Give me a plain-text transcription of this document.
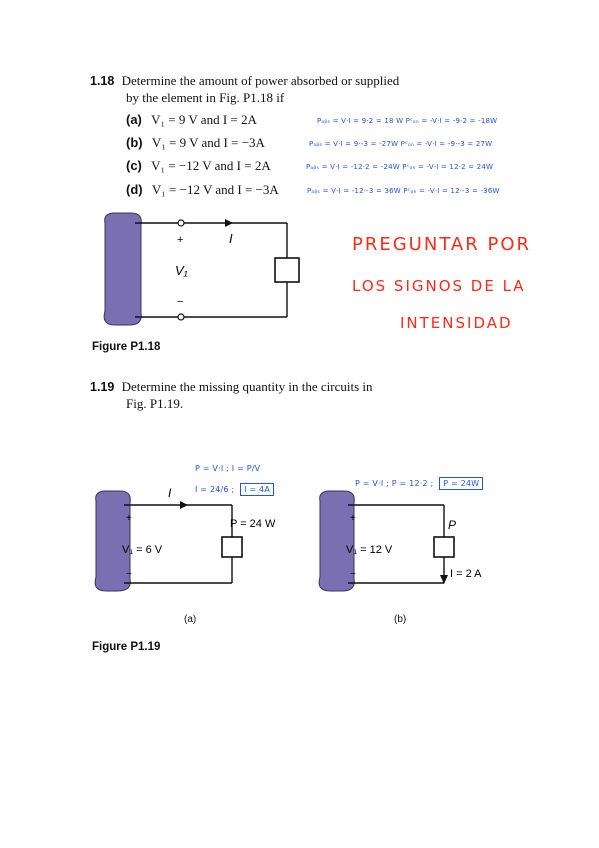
1.18 Determine the amount of power absorbed or supplied
by the element in Fig. P1.18 if
(a) V₁ = 9 V and I = 2A	Pₐᵦₛ = V·I = 9·2 = 18 W Pᶜₒₙ = -V·I = -9·2 = -18W
(b) V₁ = 9 V and I = −3A	Pₐᵦₛ = V·I = 9·-3 = -27W Pᶜₒₙ = -V·I = -9·-3 = 27W
(c) V₁ = −12 V and I = 2A	Pₐᵦₛ = V·I = -12·2 = -24W Pᶜₒₙ = -V·I = 12·2 = 24W
(d) V₁ = −12 V and I = −3A	Pₐᵦₛ = V·I = -12·-3 = 36W Pᶜₒₙ = -V·I = 12·-3 = -36W
+
−
V₁
I	PREGUNTAR POR
LOS SIGNOS DE LA
INTENSIDAD
Figure P1.18
1.19 Determine the missing quantity in the circuits in
Fig. P1.19.
P = V·I ; I = P/V
I = 24/6 ; I = 4A
P = V·I ; P = 12·2 ; P = 24W
I
+
−
V₁ = 6 V
P = 24 W
(a)
+
−
V₁ = 12 V
P
I = 2 A
(b)
Figure P1.19
